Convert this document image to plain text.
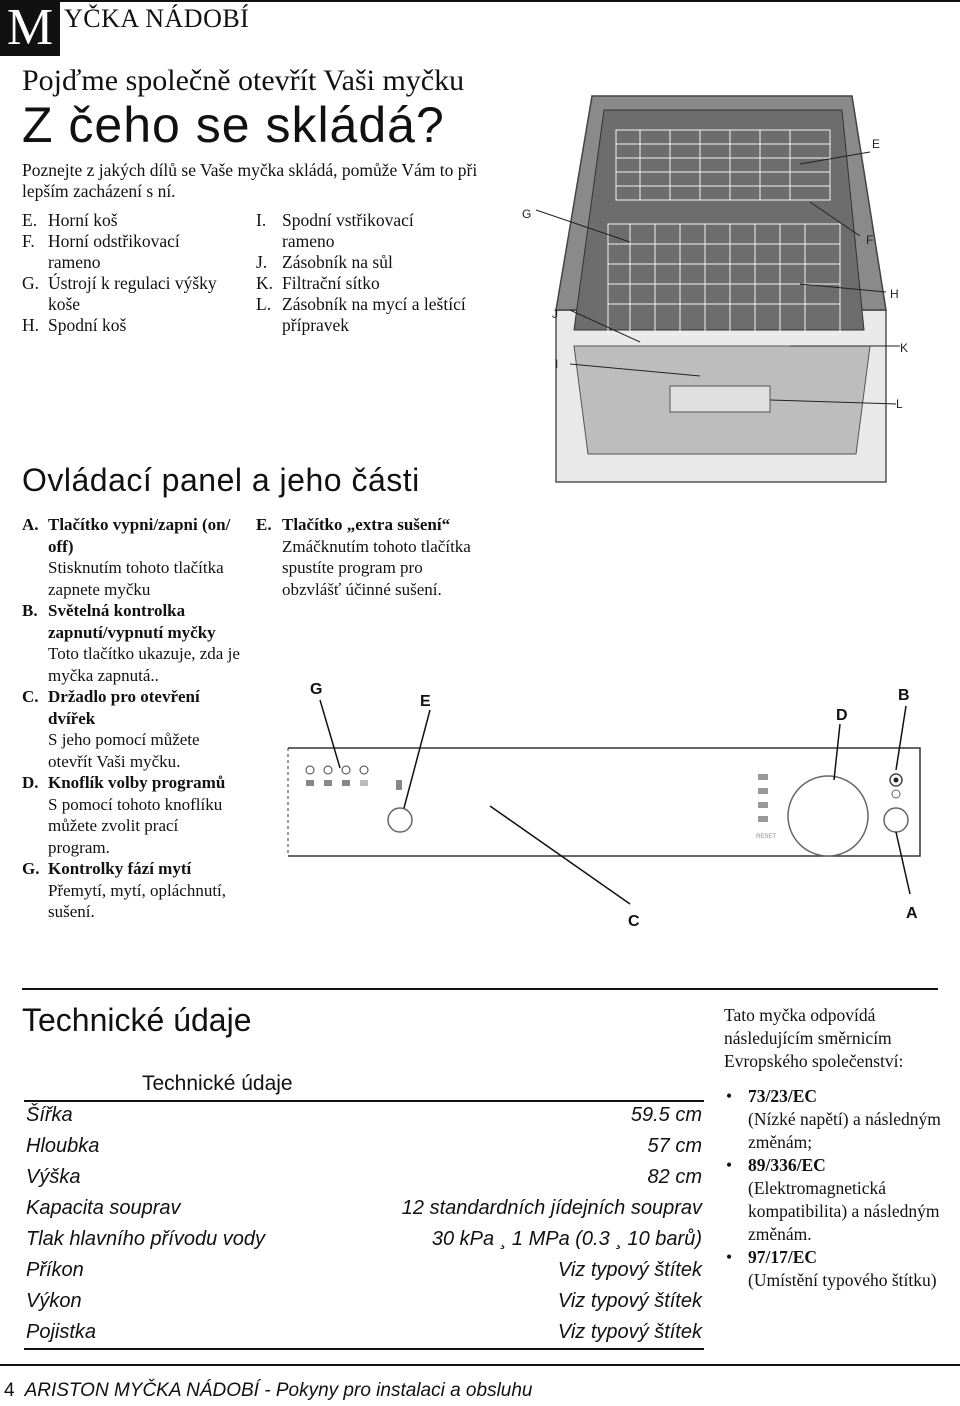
M YČKA NÁDOBÍ
Pojďme společně otevřít Vaši myčku
Z čeho se skládá?
Poznejte z jakých dílů se Vaše myčka skládá, pomůže Vám to při lepším zacházení s ní.
E. Horní koš
F. Horní odstřikovací rameno
G. Ústrojí k regulaci výšky koše
H. Spodní koš
I. Spodní vstřikovací rameno
J. Zásobník na sůl
K. Filtrační sítko
L. Zásobník na mycí a leštící přípravek
E
G
F
H
J
K
I
L
Ovládací panel a jeho části
A. Tlačítko vypni/zapni (on/ off)
Stisknutím tohoto tlačítka zapnete myčku
B. Světelná kontrolka zapnutí/vypnutí myčky
Toto tlačítko ukazuje, zda je myčka zapnutá..
C. Držadlo pro otevření dvířek
S jeho pomocí můžete otevřít Vaši myčku.
D. Knoflík volby programů
S pomocí tohoto knoflíku můžete zvolit prací program.
G. Kontrolky fází mytí
Přemytí, mytí, opláchnutí, sušení.
E. Tlačítko „extra sušení“
Zmáčknutím tohoto tlačítka spustíte program pro obzvlášť účinné sušení.
RESET
G
E
D
B
C	A
Technické údaje
Technické údaje
Šířka	59.5 cm
Hloubka	57 cm
Výška	82 cm
Kapacita souprav	12 standardních jídejních souprav
Tlak hlavního přívodu vody	30 kPa ¸ 1 MPa (0.3 ¸ 10 barů)
Příkon	Viz typový štítek
Výkon	Viz typový štítek
Pojistka	Viz typový štítek
Tato myčka odpovídá následujícím směrnicím Evropského společenství:
• 73/23/EC
(Nízké napětí) a následným změnám;
• 89/336/EC
(Elektromagnetická kompatibilita) a následným změnám.
• 97/17/EC
(Umístění typového štítku)
4 ARISTON MYČKA NÁDOBÍ - Pokyny pro instalaci a obsluhu
